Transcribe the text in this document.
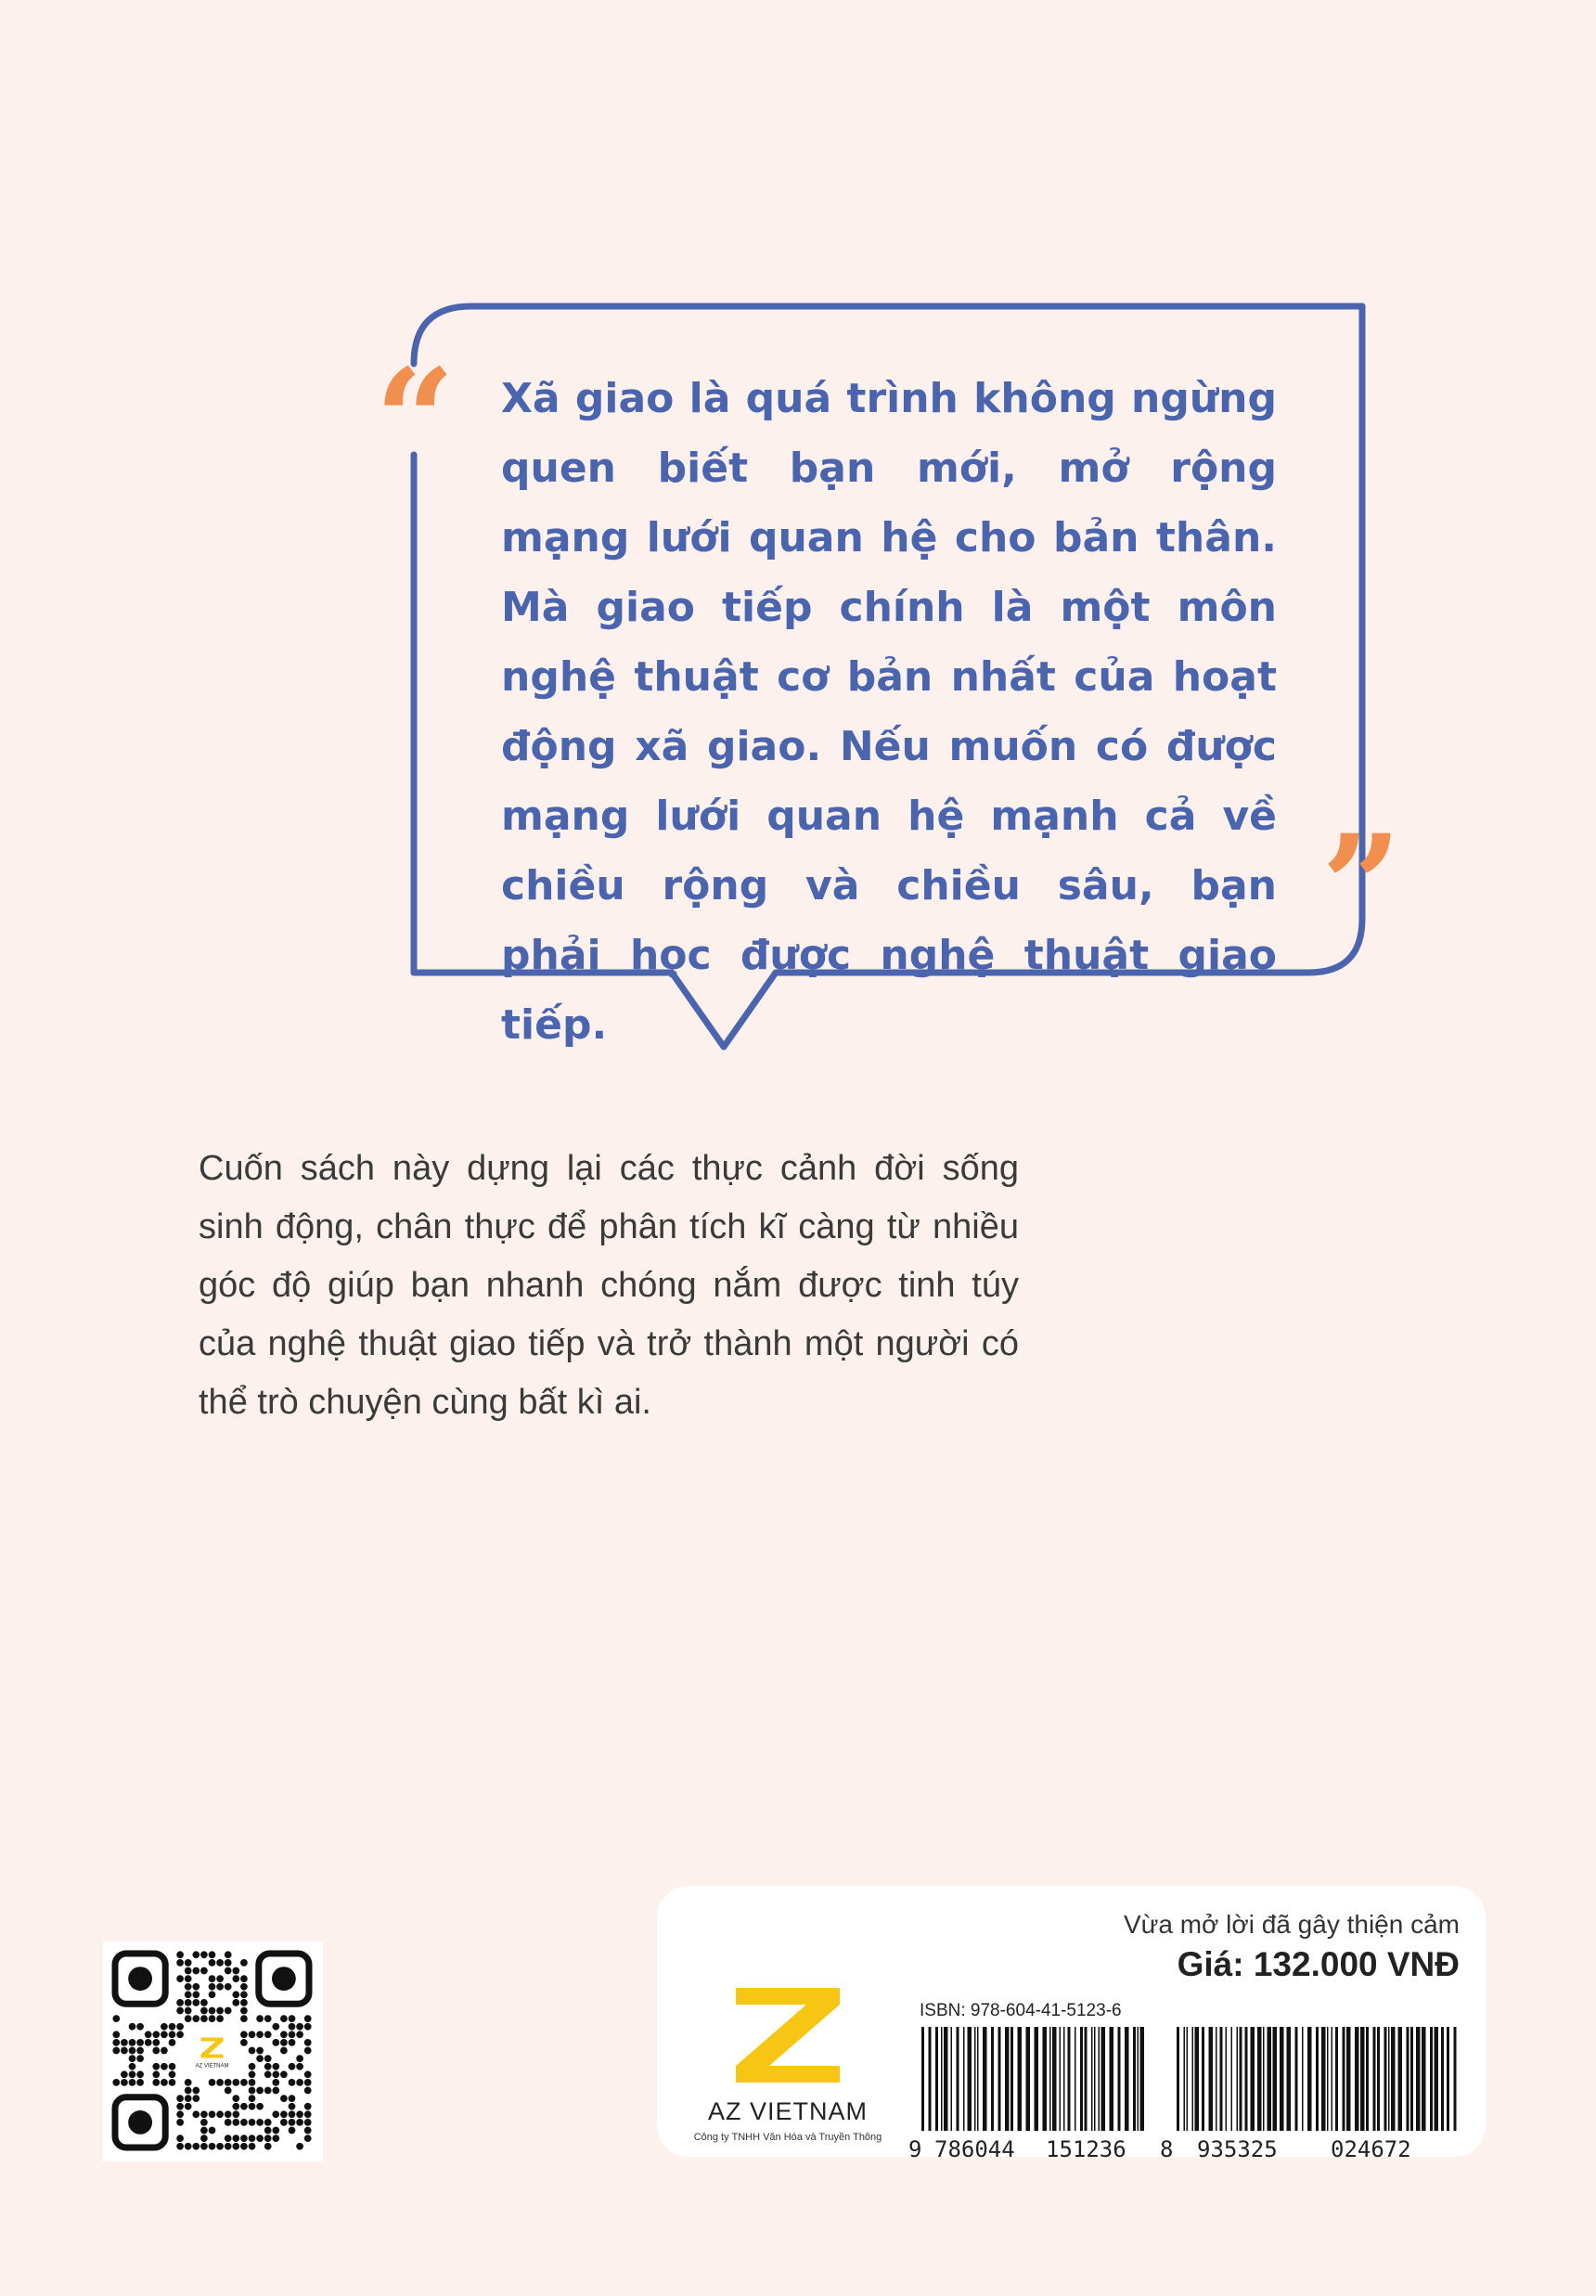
“ Xã giao là quá trình không ngừng quen biết bạn mới, mở rộng mạng lưới quan hệ cho bản thân. Mà giao tiếp chính là một môn nghệ thuật cơ bản nhất của hoạt động xã giao. Nếu muốn có được mạng lưới quan hệ mạnh cả về chiều rộng và chiều sâu, bạn phải học được nghệ thuật giao tiếp.

”

Cuốn sách này dựng lại các thực cảnh đời sống sinh động, chân thực để phân tích kĩ càng từ nhiều góc độ giúp bạn nhanh chóng nắm được tinh túy của nghệ thuật giao tiếp và trở thành một người có thể trò chuyện cùng bất kì ai.

AZ VIETNAM
AZ VIETNAM
Công ty TNHH Văn Hóa và Truyền Thông
Vừa mở lời đã gây thiện cảm
Giá: 132.000 VNĐ
ISBN: 978-604-41-5123-6
9 786044 151236 8 935325 024672
